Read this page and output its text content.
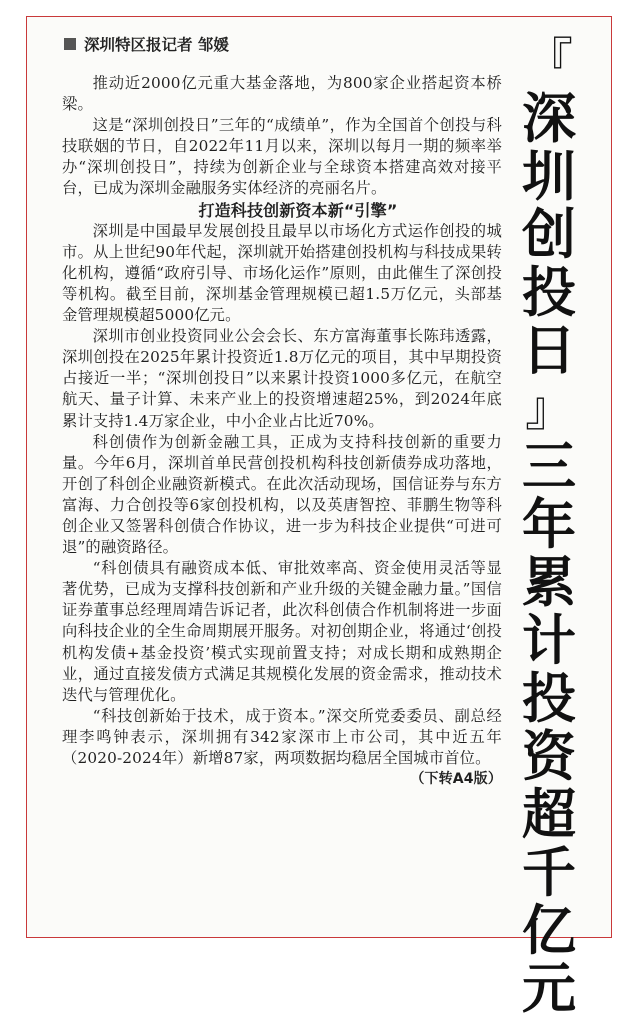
深圳特区报记者 邹媛

推动近2000亿元重大基金落地，为800家企业搭起资本桥梁。

这是“深圳创投日”三年的“成绩单”，作为全国首个创投与科技联姻的节日，自2022年11月以来，深圳以每月一期的频率举办“深圳创投日”，持续为创新企业与全球资本搭建高效对接平台，已成为深圳金融服务实体经济的亮丽名片。

打造科技创新资本新“引擎”

深圳是中国最早发展创投且最早以市场化方式运作创投的城市。从上世纪90年代起，深圳就开始搭建创投机构与科技成果转化机构，遵循“政府引导、市场化运作”原则，由此催生了深创投等机构。截至目前，深圳基金管理规模已超1.5万亿元，头部基金管理规模超5000亿元。

深圳市创业投资同业公会会长、东方富海董事长陈玮透露，深圳创投在2025年累计投资近1.8万亿元的项目，其中早期投资占接近一半；“深圳创投日”以来累计投资1000多亿元，在航空航天、量子计算、未来产业上的投资增速超25%，到2024年底累计支持1.4万家企业，中小企业占比近70%。

科创债作为创新金融工具，正成为支持科技创新的重要力量。今年6月，深圳首单民营创投机构科技创新债券成功落地，开创了科创企业融资新模式。在此次活动现场，国信证券与东方富海、力合创投等6家创投机构，以及英唐智控、菲鹏生物等科创企业又签署科创债合作协议，进一步为科技企业提供“可进可退”的融资路径。

“科创债具有融资成本低、审批效率高、资金使用灵活等显著优势，已成为支撑科技创新和产业升级的关键金融力量。”国信证券董事总经理周靖告诉记者，此次科创债合作机制将进一步面向科技企业的全生命周期展开服务。对初创期企业，将通过‘创投机构发债+基金投资’模式实现前置支持；对成长期和成熟期企业，通过直接发债方式满足其规模化发展的资金需求，推动技术迭代与管理优化。

“科技创新始于技术，成于资本。”深交所党委委员、副总经理李鸣钟表示，深圳拥有342家深市上市公司，其中近五年（2020-2024年）新增87家，两项数据均稳居全国城市首位。
（下转A4版）

『
深
圳
创
投
日
』
三
年
累
计
投
资
超
千
亿
元
